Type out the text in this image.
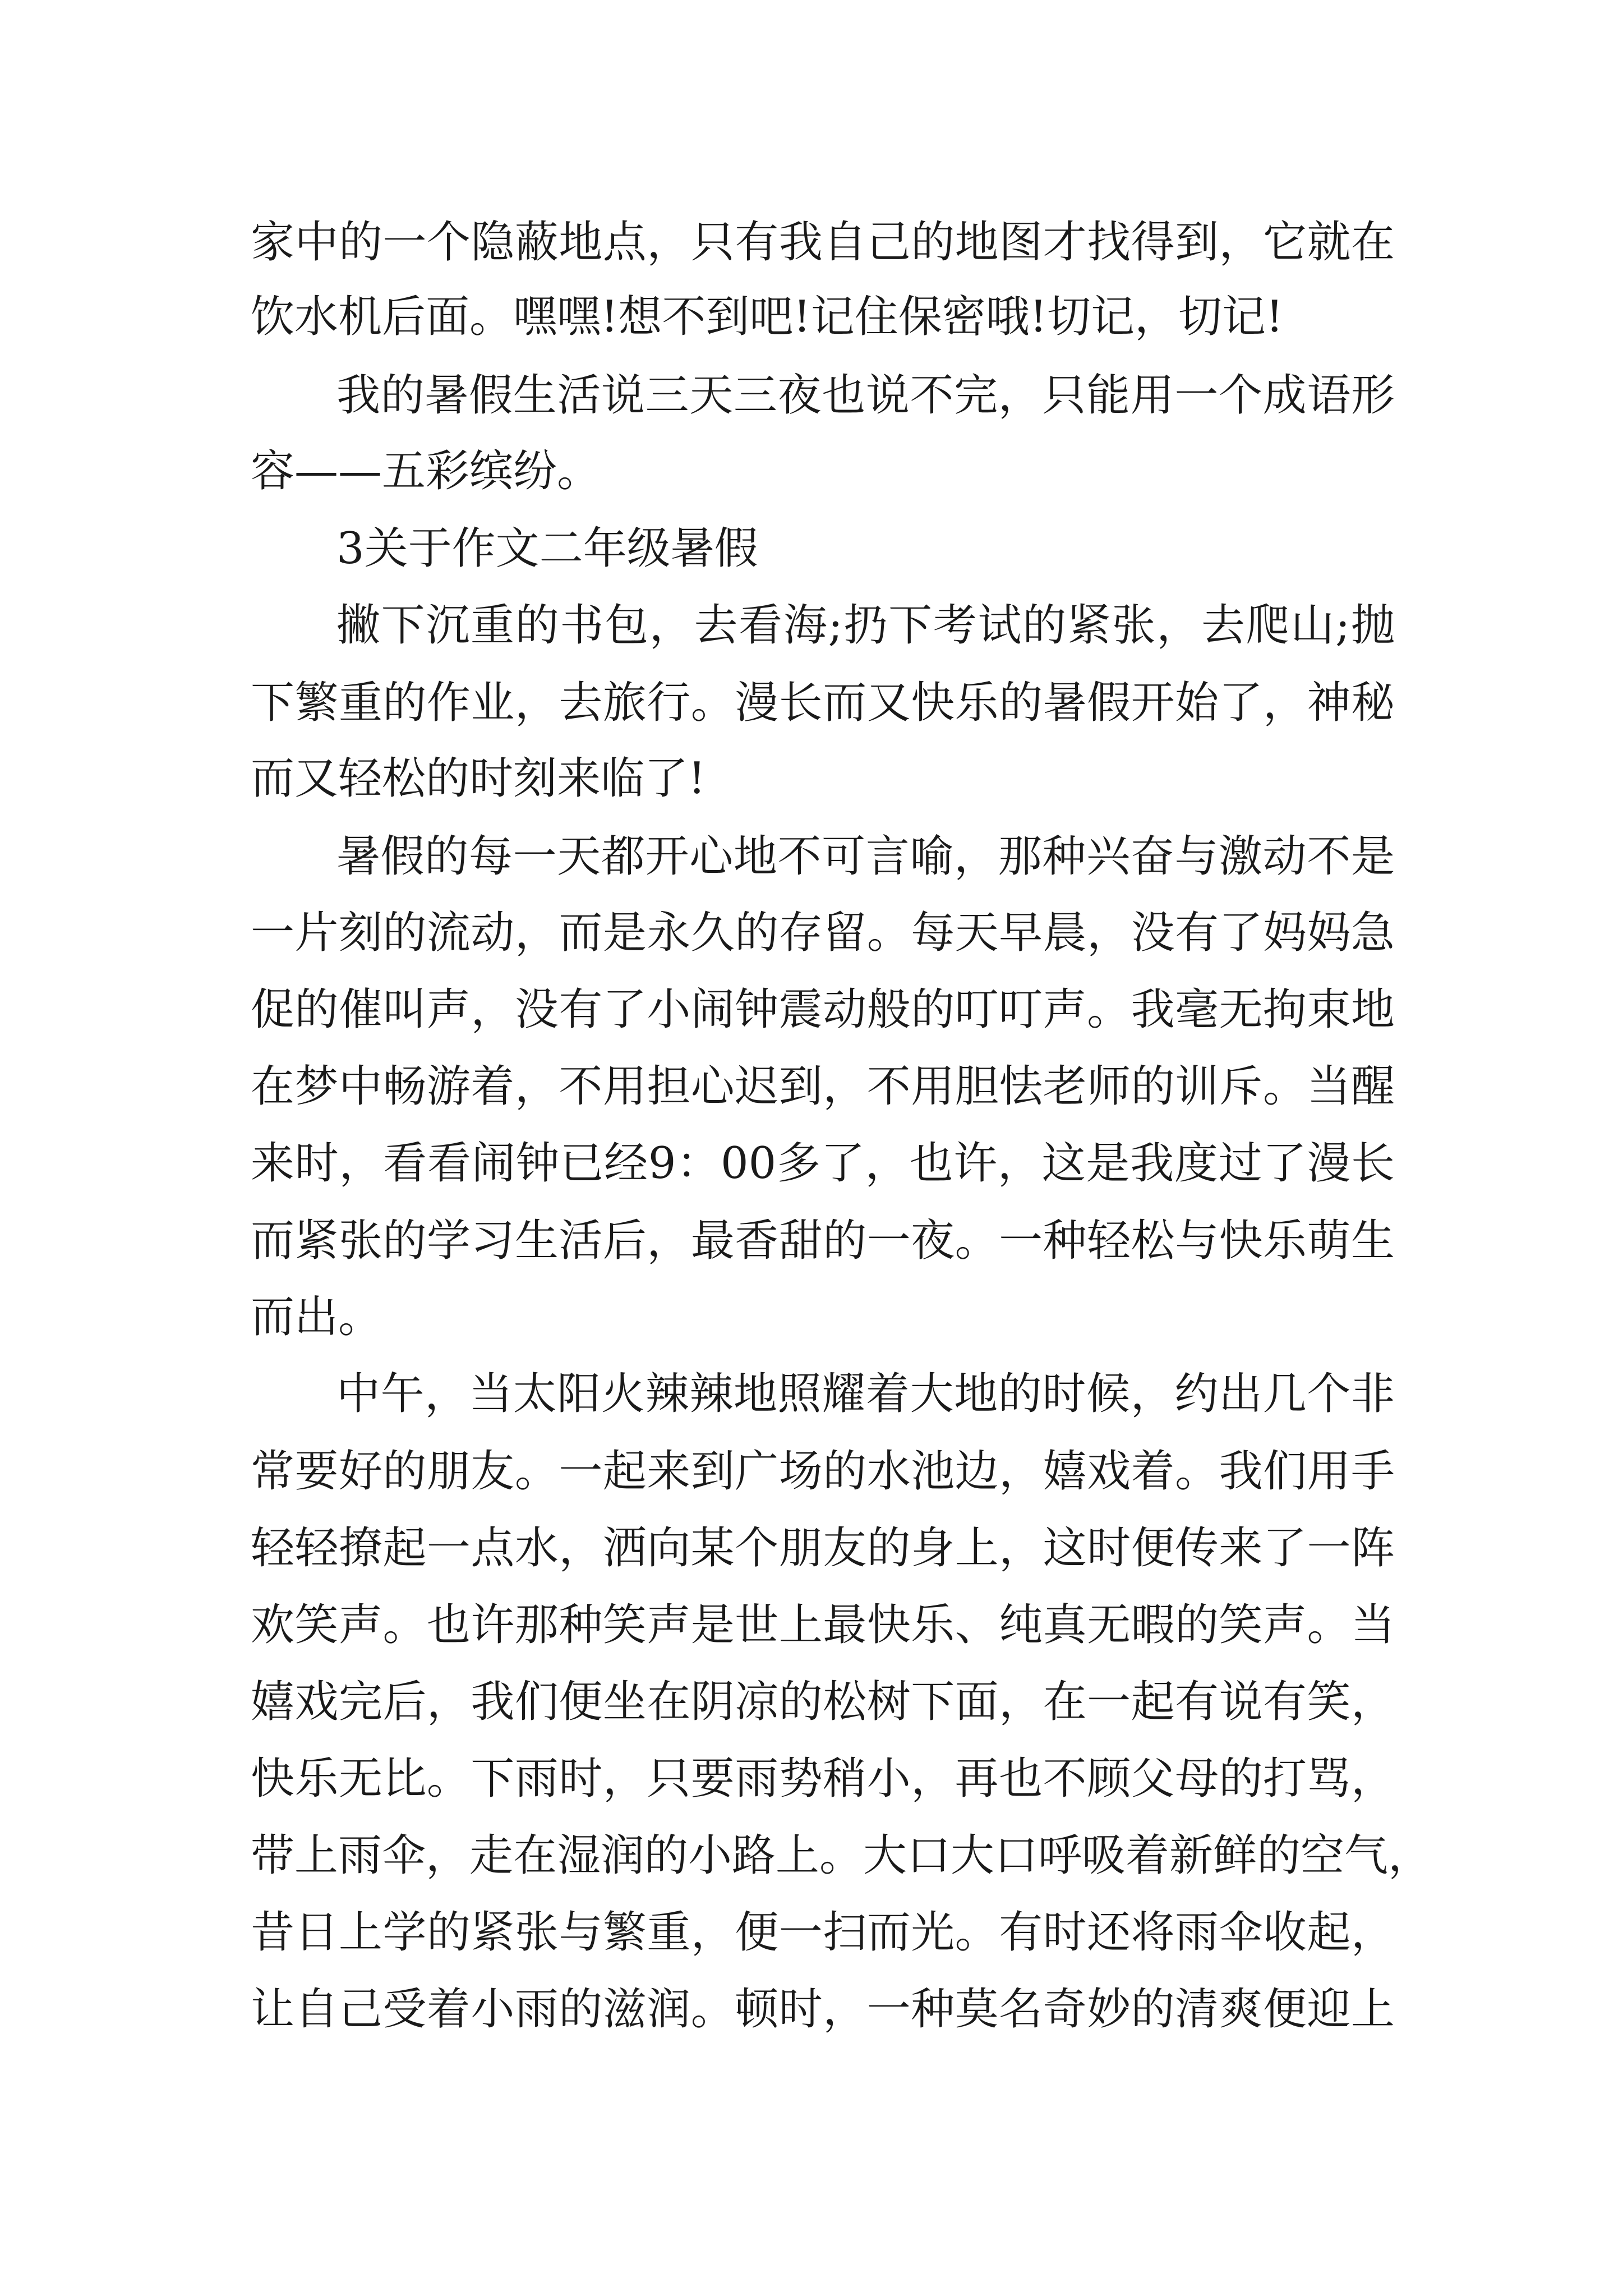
家中的一个隐蔽地点，只有我自己的地图才找得到，它就在
饮水机后面。嘿嘿!想不到吧!记住保密哦!切记，切记!
我的暑假生活说三天三夜也说不完，只能用一个成语形
容——五彩缤纷。
3关于作文二年级暑假
撇下沉重的书包，去看海;扔下考试的紧张，去爬山;抛
下繁重的作业，去旅行。漫长而又快乐的暑假开始了，神秘
而又轻松的时刻来临了!
暑假的每一天都开心地不可言喻，那种兴奋与激动不是
一片刻的流动，而是永久的存留。每天早晨，没有了妈妈急
促的催叫声，没有了小闹钟震动般的叮叮声。我毫无拘束地
在梦中畅游着，不用担心迟到，不用胆怯老师的训斥。当醒
来时，看看闹钟已经9：00多了，也许，这是我度过了漫长
而紧张的学习生活后，最香甜的一夜。一种轻松与快乐萌生
而出。
中午，当太阳火辣辣地照耀着大地的时候，约出几个非
常要好的朋友。一起来到广场的水池边，嬉戏着。我们用手
轻轻撩起一点水，洒向某个朋友的身上，这时便传来了一阵
欢笑声。也许那种笑声是世上最快乐、纯真无暇的笑声。当
嬉戏完后，我们便坐在阴凉的松树下面，在一起有说有笑，
快乐无比。下雨时，只要雨势稍小，再也不顾父母的打骂，
带上雨伞，走在湿润的小路上。大口大口呼吸着新鲜的空气，
昔日上学的紧张与繁重，便一扫而光。有时还将雨伞收起，
让自己受着小雨的滋润。顿时，一种莫名奇妙的清爽便迎上
